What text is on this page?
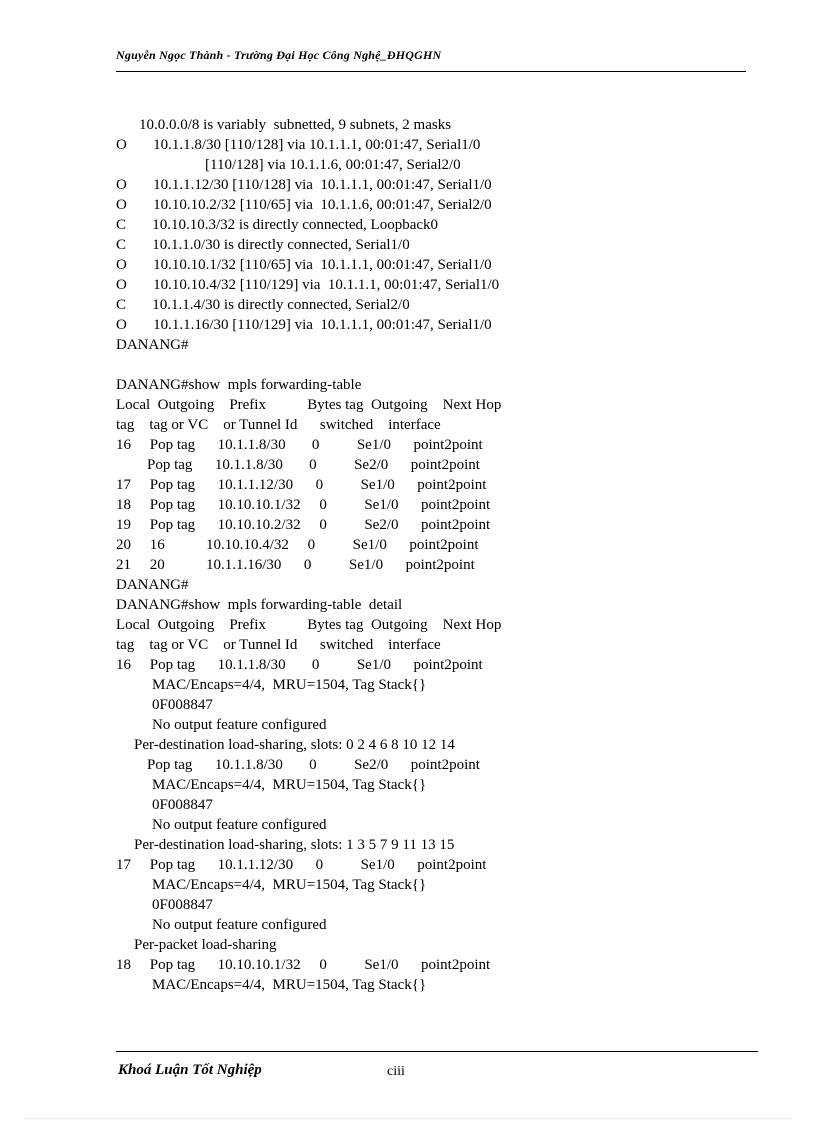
Nguyễn Ngọc Thành - Trường Đại Học Công Nghệ_ĐHQGHN
10.0.0.0/8 is variably  subnetted, 9 subnets, 2 masks
O       10.1.1.8/30 [110/128] via 10.1.1.1, 00:01:47, Serial1/0
[110/128] via 10.1.1.6, 00:01:47, Serial2/0
O       10.1.1.12/30 [110/128] via  10.1.1.1, 00:01:47, Serial1/0
O       10.10.10.2/32 [110/65] via  10.1.1.6, 00:01:47, Serial2/0
C       10.10.10.3/32 is directly connected, Loopback0
C       10.1.1.0/30 is directly connected, Serial1/0
O       10.10.10.1/32 [110/65] via  10.1.1.1, 00:01:47, Serial1/0
O       10.10.10.4/32 [110/129] via  10.1.1.1, 00:01:47, Serial1/0
C       10.1.1.4/30 is directly connected, Serial2/0
O       10.1.1.16/30 [110/129] via  10.1.1.1, 00:01:47, Serial1/0
DANANG#
DANANG#show  mpls forwarding-table
Local  Outgoing    Prefix           Bytes tag  Outgoing    Next Hop
tag    tag or VC    or Tunnel Id      switched    interface
16     Pop tag      10.1.1.8/30       0          Se1/0      point2point
Pop tag      10.1.1.8/30       0          Se2/0      point2point
17     Pop tag      10.1.1.12/30      0          Se1/0      point2point
18     Pop tag      10.10.10.1/32     0          Se1/0      point2point
19     Pop tag      10.10.10.2/32     0          Se2/0      point2point
20     16           10.10.10.4/32     0          Se1/0      point2point
21     20           10.1.1.16/30      0          Se1/0      point2point
DANANG#
DANANG#show  mpls forwarding-table  detail
Local  Outgoing    Prefix           Bytes tag  Outgoing    Next Hop
tag    tag or VC    or Tunnel Id      switched    interface
16     Pop tag      10.1.1.8/30       0          Se1/0      point2point
MAC/Encaps=4/4,  MRU=1504, Tag Stack{}
0F008847
No output feature configured
Per-destination load-sharing, slots: 0 2 4 6 8 10 12 14
Pop tag      10.1.1.8/30       0          Se2/0      point2point
MAC/Encaps=4/4,  MRU=1504, Tag Stack{}
0F008847
No output feature configured
Per-destination load-sharing, slots: 1 3 5 7 9 11 13 15
17     Pop tag      10.1.1.12/30      0          Se1/0      point2point
MAC/Encaps=4/4,  MRU=1504, Tag Stack{}
0F008847
No output feature configured
Per-packet load-sharing
18     Pop tag      10.10.10.1/32     0          Se1/0      point2point
MAC/Encaps=4/4,  MRU=1504, Tag Stack{}
Khoá Luận Tốt Nghiệp	ciii
